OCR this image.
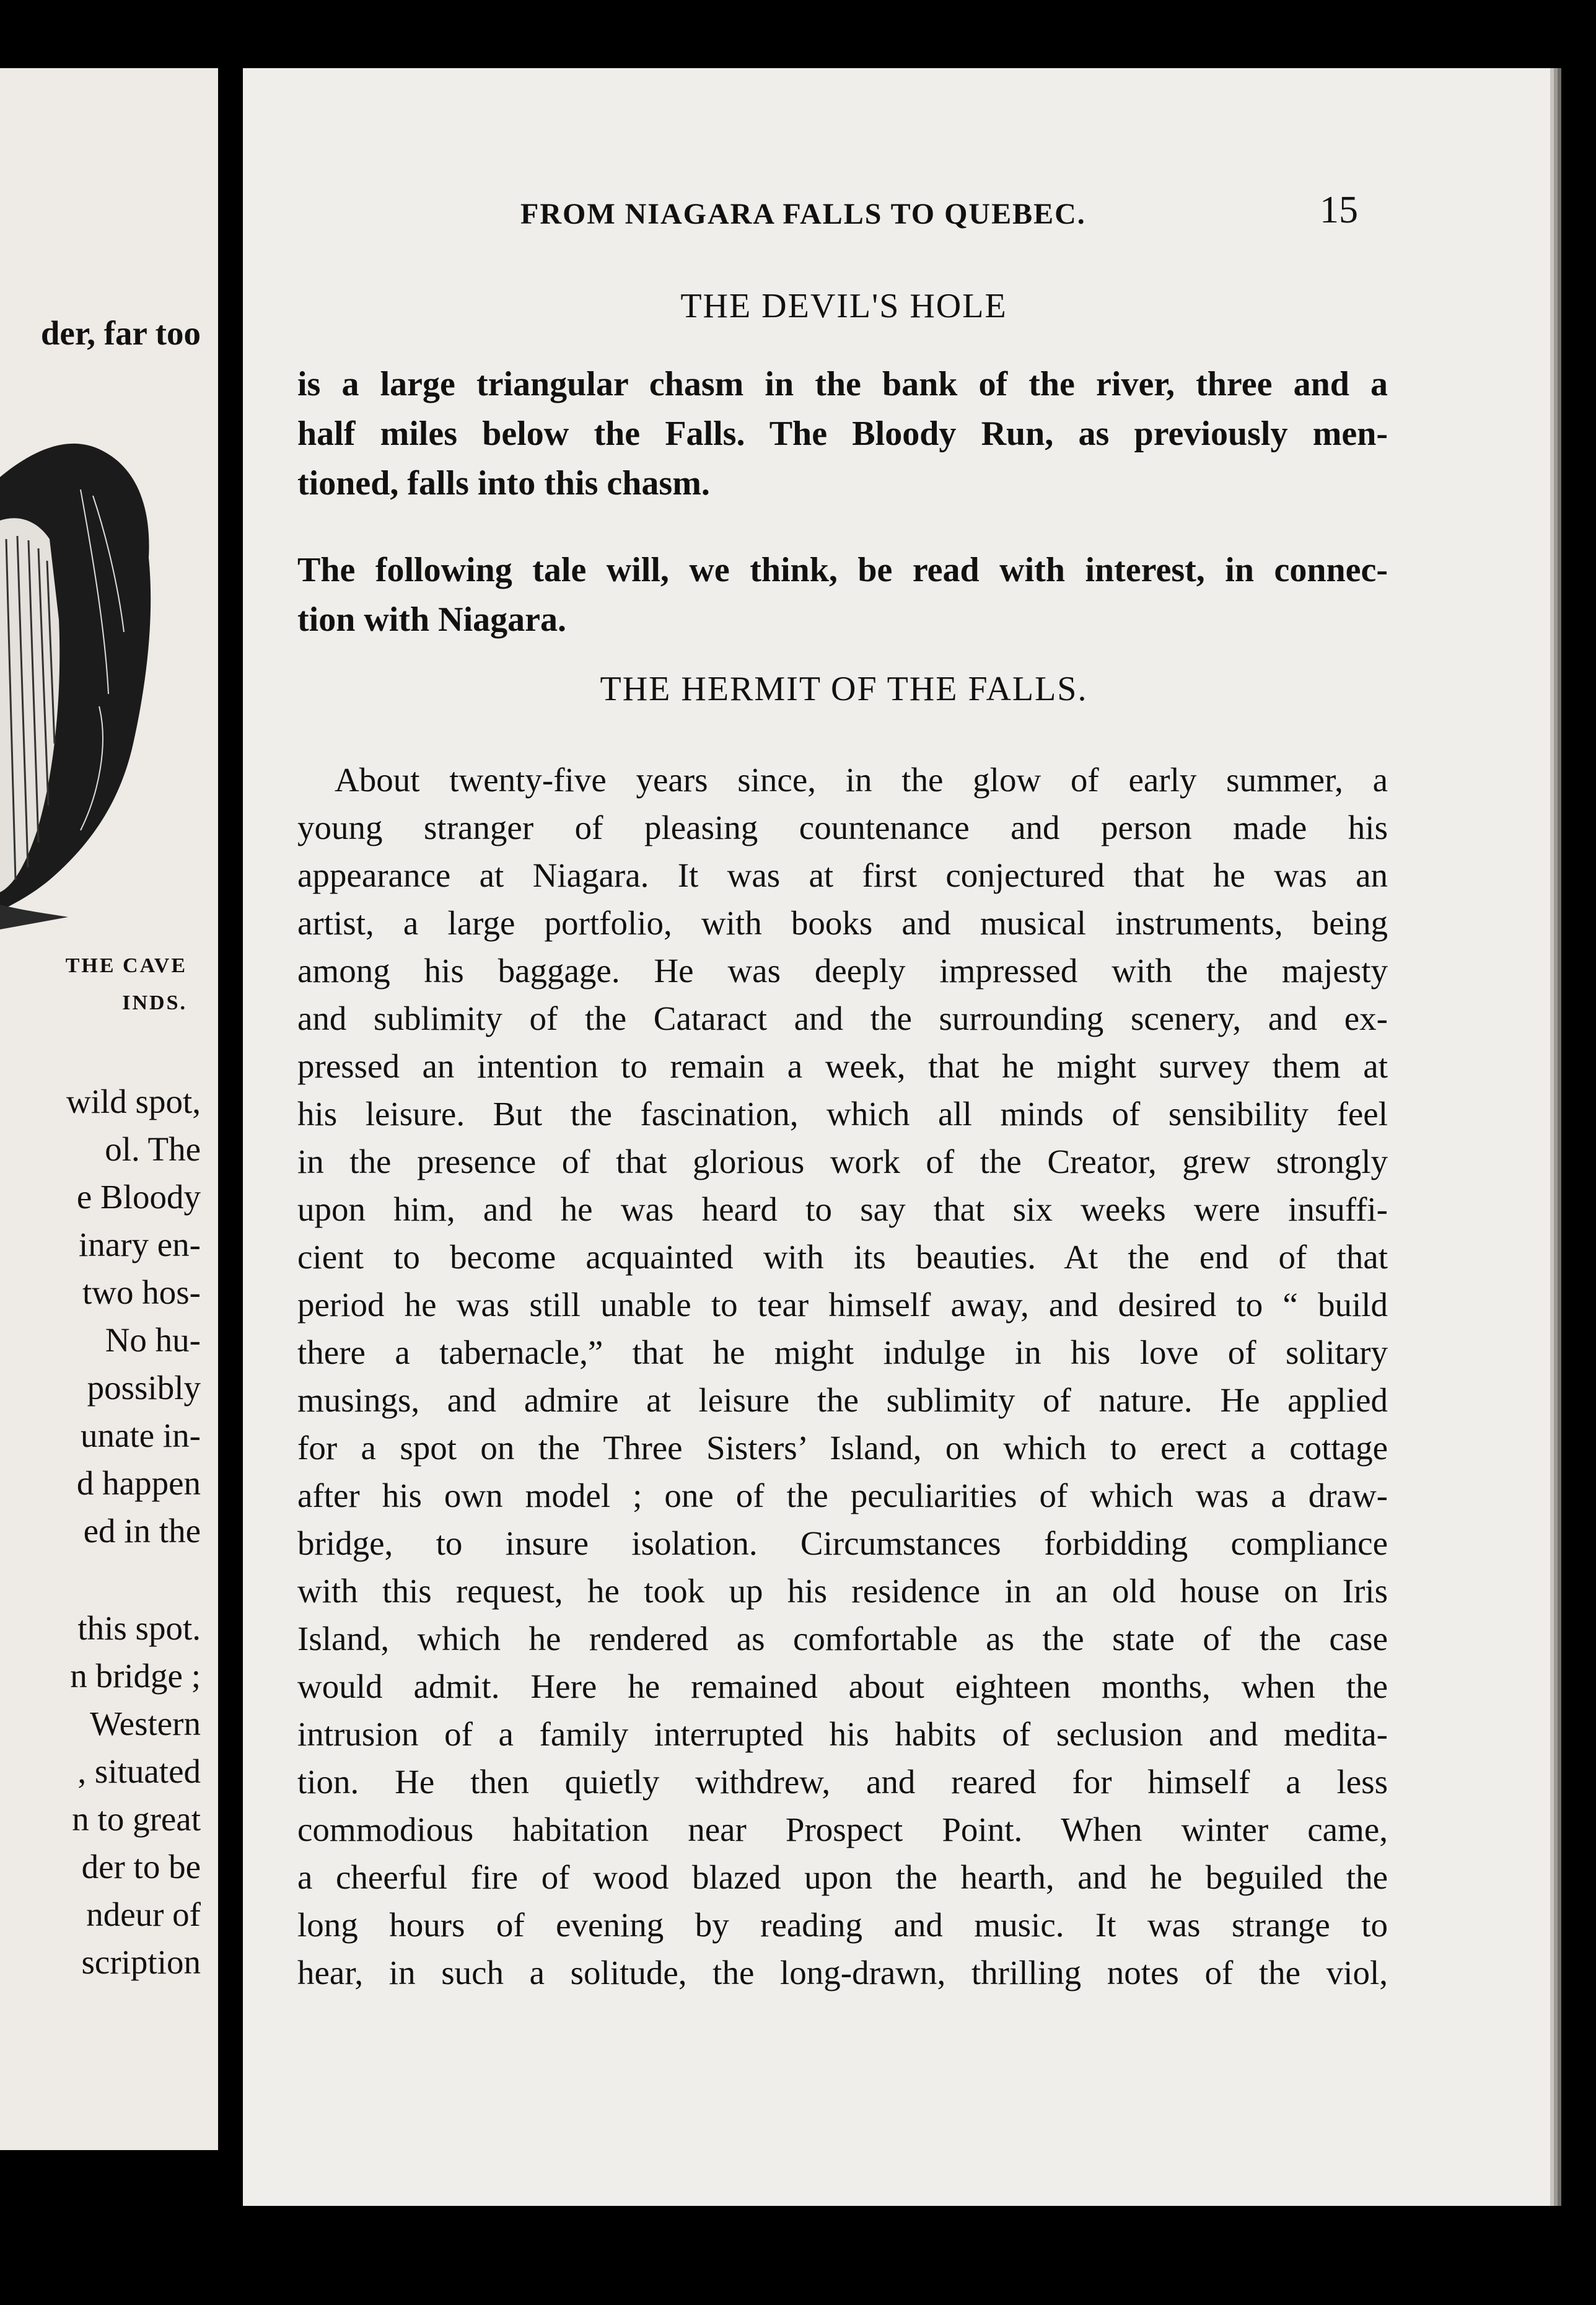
der, far too
THE CAVE
INDS.
wild spot,
ol. The
e Bloody
inary en-
two hos-
No hu-
possibly
unate in-
d happen
ed in the
this spot.
n bridge ;
Western
, situated
n to great
der to be
ndeur of
scription
FROM NIAGARA FALLS TO QUEBEC.	15
THE DEVIL'S HOLE
is a large triangular chasm in the bank of the river, three and a
half miles below the Falls. The Bloody Run, as previously men-
tioned, falls into this chasm.
The following tale will, we think, be read with interest, in connec-
tion with Niagara.
THE HERMIT OF THE FALLS.
About twenty-five years since, in the glow of early summer, a
young stranger of pleasing countenance and person made his
appearance at Niagara. It was at first conjectured that he was an
artist, a large portfolio, with books and musical instruments, being
among his baggage. He was deeply impressed with the majesty
and sublimity of the Cataract and the surrounding scenery, and ex-
pressed an intention to remain a week, that he might survey them at
his leisure. But the fascination, which all minds of sensibility feel
in the presence of that glorious work of the Creator, grew strongly
upon him, and he was heard to say that six weeks were insuffi-
cient to become acquainted with its beauties. At the end of that
period he was still unable to tear himself away, and desired to “ build
there a tabernacle,” that he might indulge in his love of solitary
musings, and admire at leisure the sublimity of nature. He applied
for a spot on the Three Sisters’ Island, on which to erect a cottage
after his own model ; one of the peculiarities of which was a draw-
bridge, to insure isolation. Circumstances forbidding compliance
with this request, he took up his residence in an old house on Iris
Island, which he rendered as comfortable as the state of the case
would admit. Here he remained about eighteen months, when the
intrusion of a family interrupted his habits of seclusion and medita-
tion. He then quietly withdrew, and reared for himself a less
commodious habitation near Prospect Point. When winter came,
a cheerful fire of wood blazed upon the hearth, and he beguiled the
long hours of evening by reading and music. It was strange to
hear, in such a solitude, the long-drawn, thrilling notes of the viol,
